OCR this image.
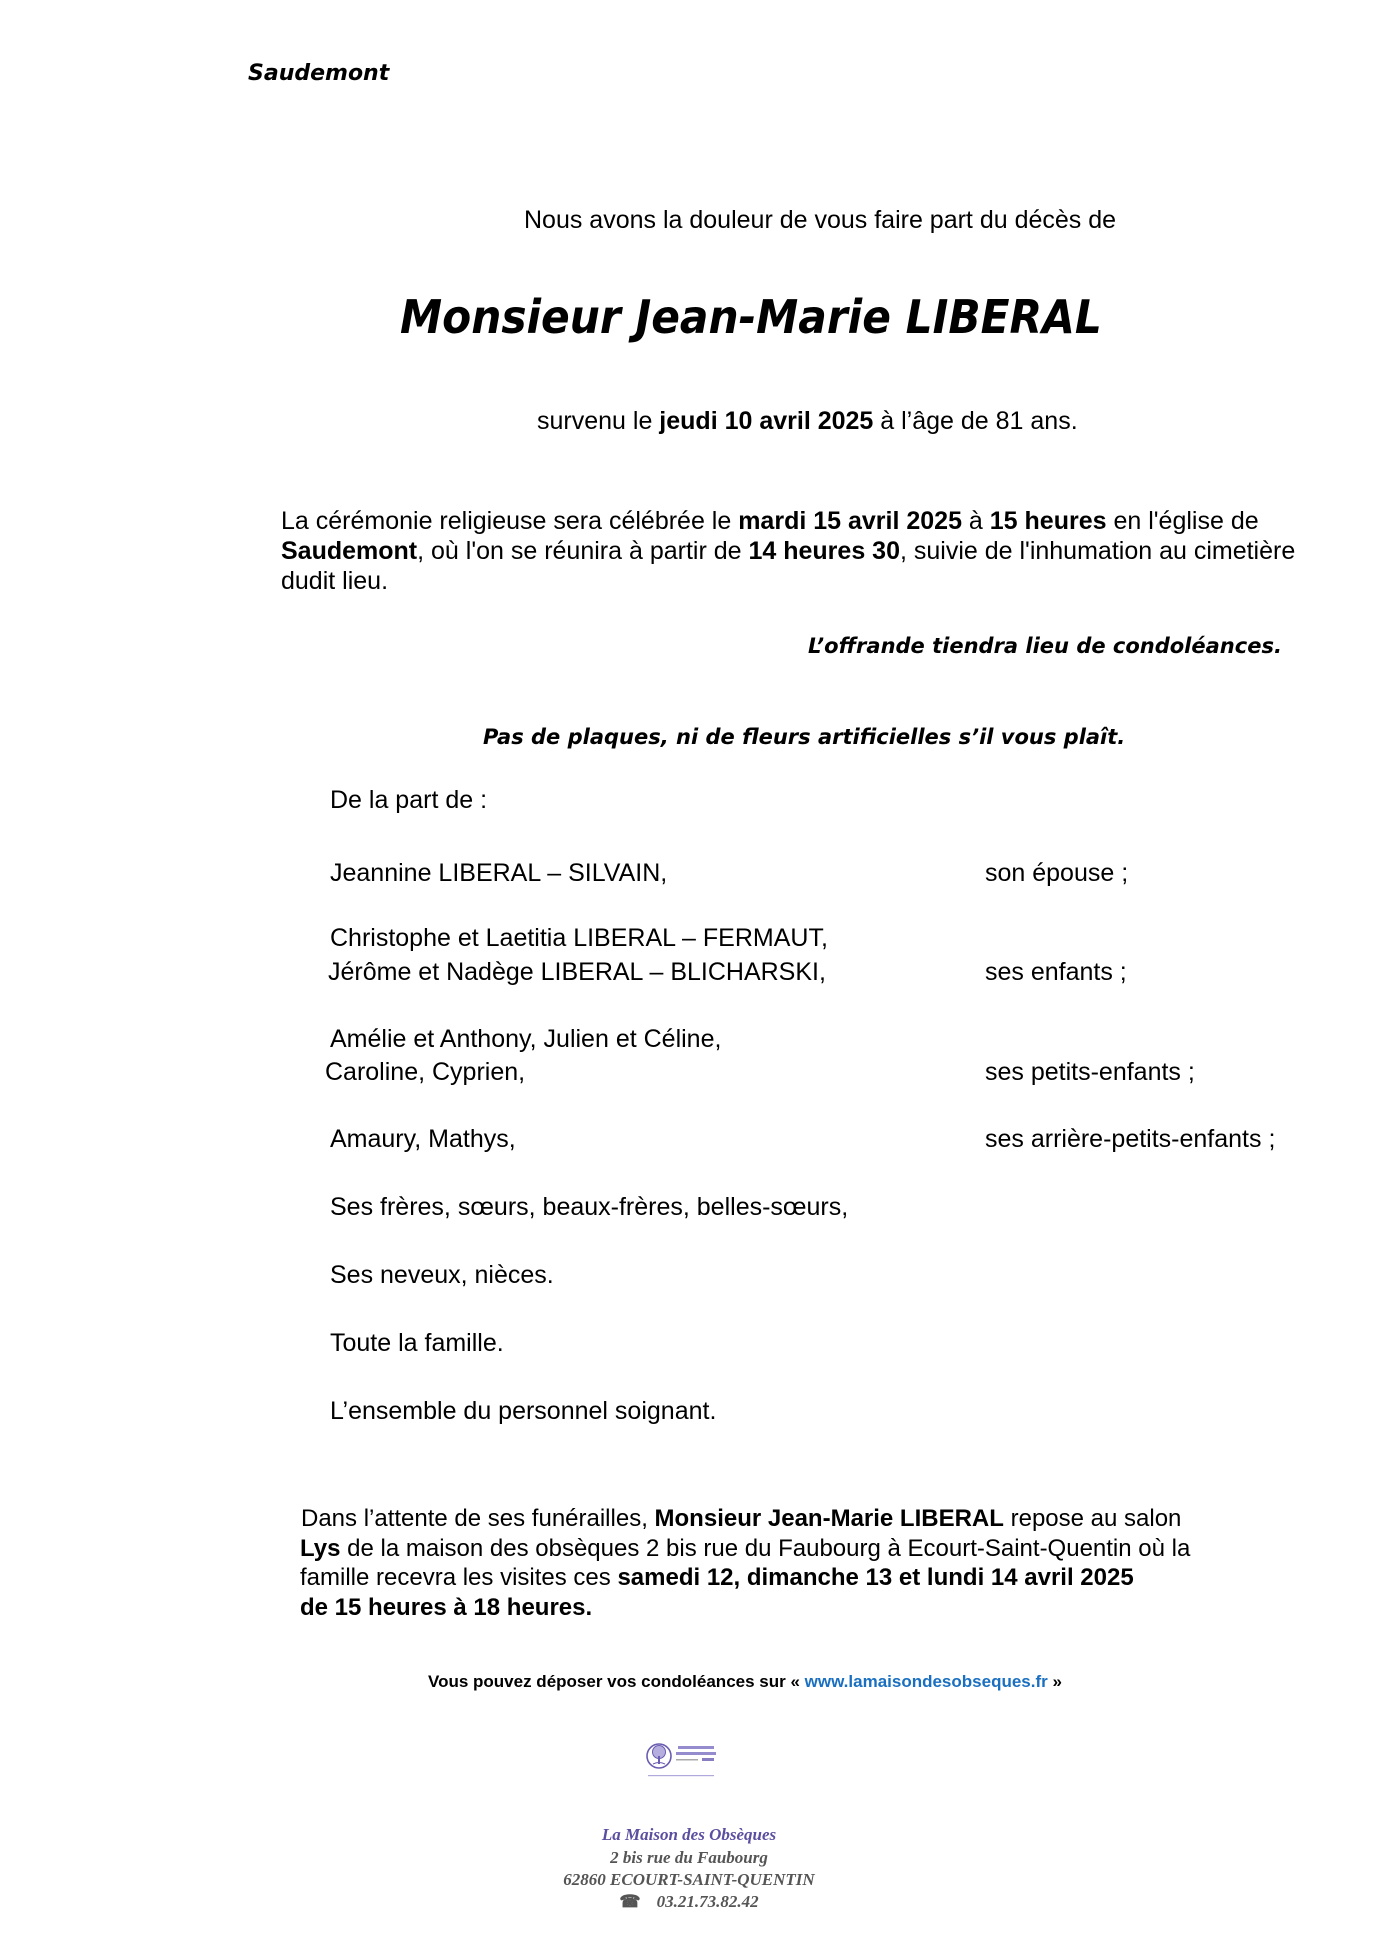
Saudemont
Nous avons la douleur de vous faire part du décès de
Monsieur Jean-Marie LIBERAL
survenu le jeudi 10 avril 2025 à l’âge de 81 ans.
La cérémonie religieuse sera célébrée le mardi 15 avril 2025 à 15 heures en l'église de
Saudemont, où l'on se réunira à partir de 14 heures 30, suivie de l'inhumation au cimetière
dudit lieu.
L’offrande tiendra lieu de condoléances.
Pas de plaques, ni de fleurs artificielles s’il vous plaît.
De la part de :
Jeannine LIBERAL – SILVAIN,	son épouse ;
Christophe et Laetitia LIBERAL – FERMAUT,
Jérôme et Nadège LIBERAL – BLICHARSKI,	ses enfants ;
Amélie et Anthony, Julien et Céline,
Caroline, Cyprien,	ses petits-enfants ;
Amaury, Mathys,	ses arrière-petits-enfants ;
Ses frères, sœurs, beaux-frères, belles-sœurs,
Ses neveux, nièces.
Toute la famille.
L’ensemble du personnel soignant.
Dans l’attente de ses funérailles, Monsieur Jean-Marie LIBERAL repose au salon
Lys de la maison des obsèques 2 bis rue du Faubourg à Ecourt-Saint-Quentin où la
famille recevra les visites ces samedi 12, dimanche 13 et lundi 14 avril 2025
de 15 heures à 18 heures.
Vous pouvez déposer vos condoléances sur « www.lamaisondesobseques.fr »
La Maison des Obsèques
2 bis rue du Faubourg
62860 ECOURT-SAINT-QUENTIN
☎ 03.21.73.82.42
